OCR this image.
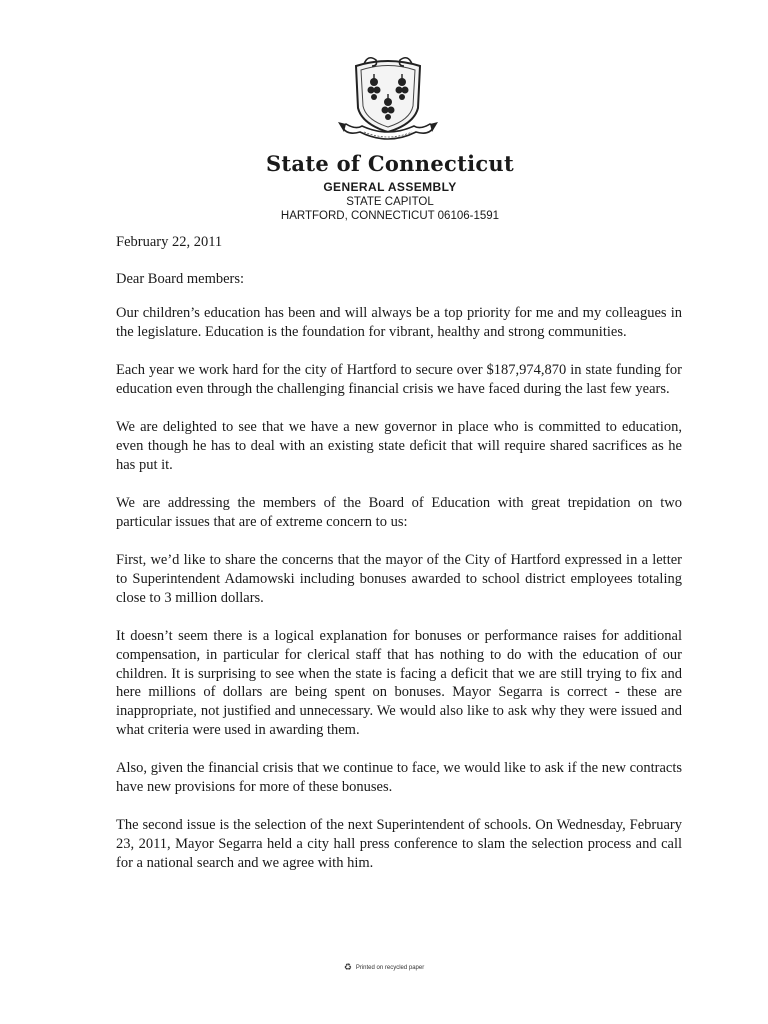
State of Connecticut

GENERAL ASSEMBLY

STATE CAPITOL

HARTFORD, CONNECTICUT 06106-1591

February 22, 2011

Dear Board members:

Our children’s education has been and will always be a top priority for me and my colleagues in the legislature. Education is the foundation for vibrant, healthy and strong communities.

Each year we work hard for the city of Hartford to secure over $187,974,870 in state funding for education even through the challenging financial crisis we have faced during the last few years.

We are delighted to see that we have a new governor in place who is committed to education, even though he has to deal with an existing state deficit that will require shared sacrifices as he has put it.

We are addressing the members of the Board of Education with great trepidation on two particular issues that are of extreme concern to us:

First, we’d like to share the concerns that the mayor of the City of Hartford expressed in a letter to Superintendent Adamowski including bonuses awarded to school district employees totaling close to 3 million dollars.

It doesn’t seem there is a logical explanation for bonuses or performance raises for additional compensation, in particular for clerical staff that has nothing to do with the education of our children. It is surprising to see when the state is facing a deficit that we are still trying to fix and here millions of dollars are being spent on bonuses. Mayor Segarra is correct - these are inappropriate, not justified and unnecessary. We would also like to ask why they were issued and what criteria were used in awarding them.

Also, given the financial crisis that we continue to face, we would like to ask if the new contracts have new provisions for more of these bonuses.

The second issue is the selection of the next Superintendent of schools. On Wednesday, February 23, 2011, Mayor Segarra held a city hall press conference to slam the selection process and call for a national search and we agree with him.

♻ Printed on recycled paper
